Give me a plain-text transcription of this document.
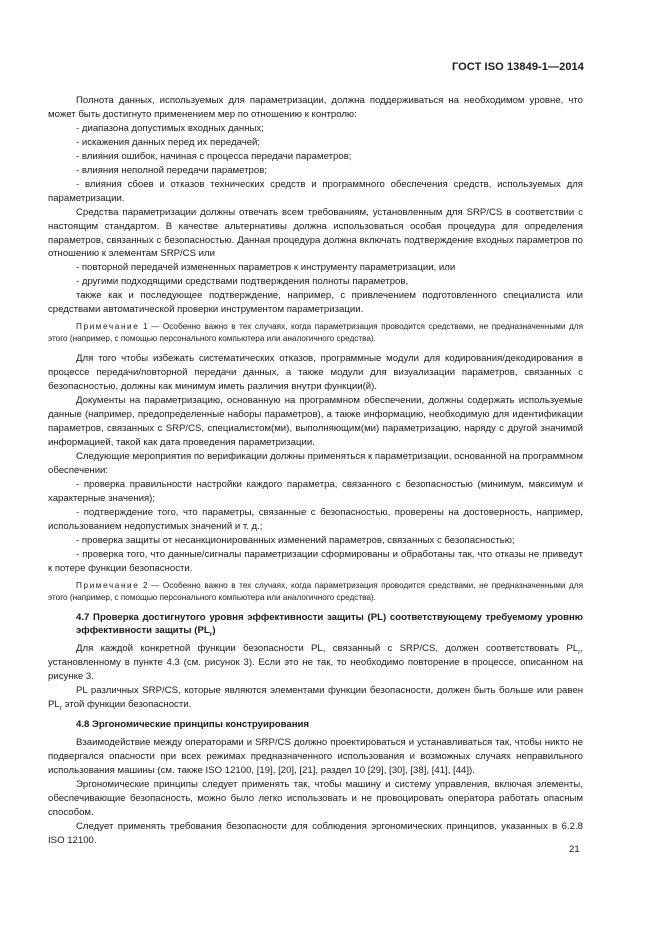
ГОСТ ISO 13849-1—2014

Полнота данных, используемых для параметризации, должна поддерживаться на необходимом уровне, что может быть достигнуто применением мер по отношению к контролю:

- диапазона допустимых входных данных;

- искажения данных перед их передачей;

- влияния ошибок, начиная с процесса передачи параметров;

- влияния неполной передачи параметров;

- влияния сбоев и отказов технических средств и программного обеспечения средств, используемых для параметризации.

Средства параметризации должны отвечать всем требованиям, установленным для SRP/CS в соответствии с настоящим стандартом. В качестве альтернативы должна использоваться особая процедура для определения параметров, связанных с безопасностью. Данная процедура должна включать подтверждение входных параметров по отношению к элементам SRP/CS или

- повторной передачей измененных параметров к инструменту параметризации, или

- другими подходящими средствами подтверждения полноты параметров,

также как и последующее подтверждение, например, с привлечением подготовленного специалиста или средствами автоматической проверки инструментом параметризации.

Примечание 1 — Особенно важно в тех случаях, когда параметризация проводится средствами, не предназначенными для этого (например, с помощью персонального компьютера или аналогичного средства).

Для того чтобы избежать систематических отказов, программные модули для кодирования/декодирования в процессе передачи/повторной передачи данных, а также модули для визуализации параметров, связанных с безопасностью, должны как минимум иметь различия внутри функции(й).

Документы на параметризацию, основанную на программном обеспечении, должны содержать используемые данные (например, предопределенные наборы параметров), а также информацию, необходимую для идентификации параметров, связанных с SRP/CS, специалистом(ми), выполняющим(ми) параметризацию, наряду с другой значимой информацией, такой как дата проведения параметризации.

Следующие мероприятия по верификации должны применяться к параметризации, основанной на программном обеспечении:

- проверка правильности настройки каждого параметра, связанного с безопасностью (минимум, максимум и характерные значения);

- подтверждение того, что параметры, связанные с безопасностью, проверены на достоверность, например, использованием недопустимых значений и т. д.;

- проверка защиты от несанкционированных изменений параметров, связанных с безопасностью;

- проверка того, что данные/сигналы параметризации сформированы и обработаны так, что отказы не приведут к потере функции безопасности.

Примечание 2 — Особенно важно в тех случаях, когда параметризация проводится средствами, не предназначенными для этого (например, с помощью персонального компьютера или аналогичного средства).

4.7 Проверка достигнутого уровня эффективности защиты (PL) соответствующему требуемому уровню эффективности защиты $(PL_r)$

Для каждой конкретной функции безопасности PL, связанный с SRP/CS, должен соответствовать $PL_r$, установленному в пункте 4.3 (см. рисунок 3). Если это не так, то необходимо повторение в процессе, описанном на рисунке 3.

PL различных SRP/CS, которые являются элементами функции безопасности, должен быть больше или равен $PL_r$ этой функции безопасности.

4.8 Эргономические принципы конструирования

Взаимодействие между операторами и SRP/CS должно проектироваться и устанавливаться так, чтобы никто не подвергался опасности при всех режимах предназначенного использования и возможных случаях неправильного использования машины (см. также ISO 12100, [19], [20], [21], раздел 10 [29], [30], [38], [41], [44]).

Эргономические принципы следует применять так, чтобы машину и систему управления, включая элементы, обеспечивающие безопасность, можно было легко использовать и не провоцировать оператора работать опасным способом.

Следует применять требования безопасности для соблюдения эргономических принципов, указанных в 6.2.8 ISO 12100.

21
